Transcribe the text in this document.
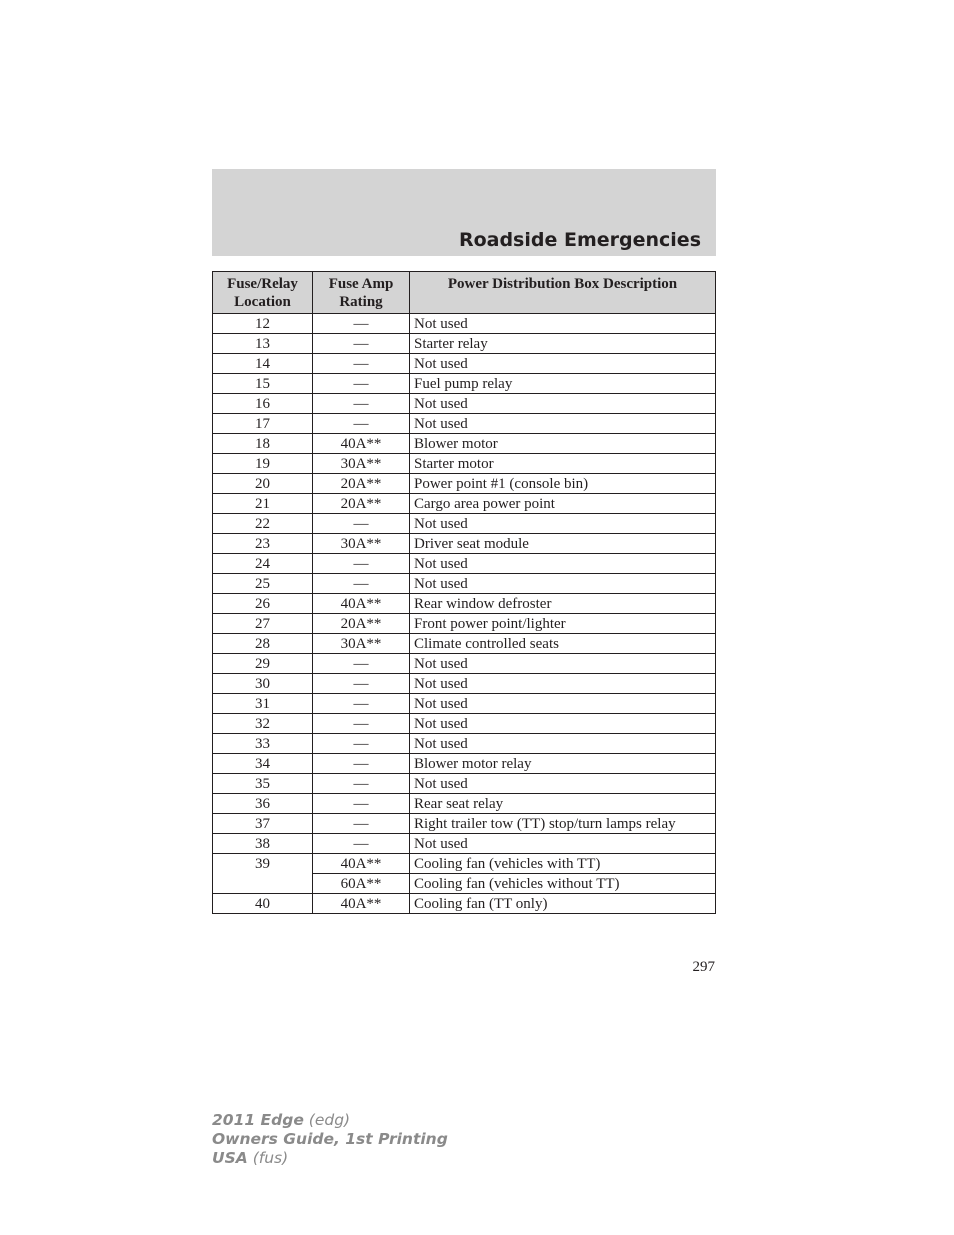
Roadside Emergencies
Fuse/Relay Location	Fuse Amp Rating	Power Distribution Box Description
12	—	Not used
13	—	Starter relay
14	—	Not used
15	—	Fuel pump relay
16	—	Not used
17	—	Not used
18	40A**	Blower motor
19	30A**	Starter motor
20	20A**	Power point #1 (console bin)
21	20A**	Cargo area power point
22	—	Not used
23	30A**	Driver seat module
24	—	Not used
25	—	Not used
26	40A**	Rear window defroster
27	20A**	Front power point/lighter
28	30A**	Climate controlled seats
29	—	Not used
30	—	Not used
31	—	Not used
32	—	Not used
33	—	Not used
34	—	Blower motor relay
35	—	Not used
36	—	Rear seat relay
37	—	Right trailer tow (TT) stop/turn lamps relay
38	—	Not used
39	40A**	Cooling fan (vehicles with TT)
	60A**	Cooling fan (vehicles without TT)
40	40A**	Cooling fan (TT only)
297
2011 Edge (edg)
Owners Guide, 1st Printing
USA (fus)
